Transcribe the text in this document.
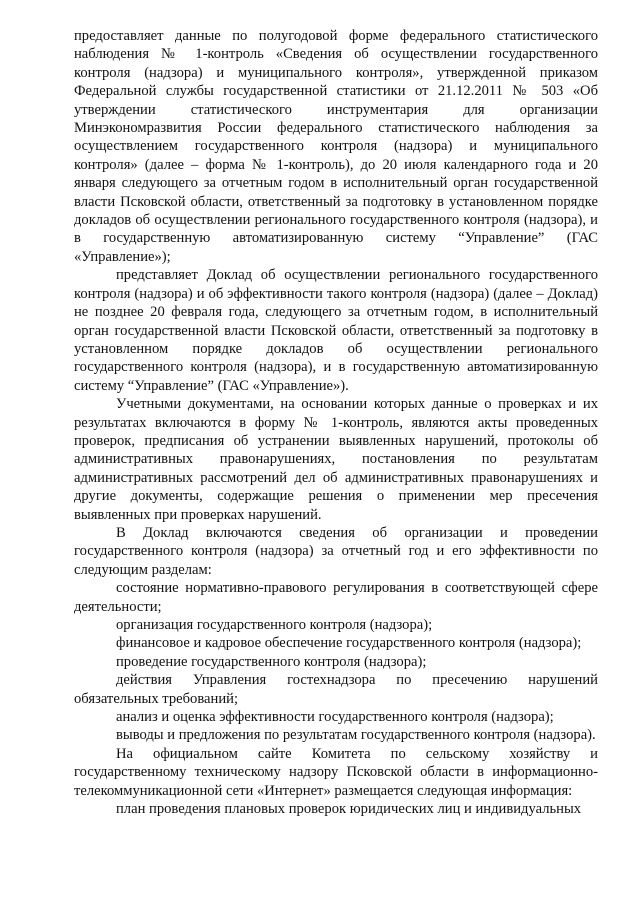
предоставляет данные по полугодовой форме федерального статистического наблюдения № 1-контроль «Сведения об осуществлении государственного контроля (надзора) и муниципального контроля», утвержденной приказом Федеральной службы государственной статистики от 21.12.2011 № 503 «Об утверждении статистического инструментария для организации Минэкономразвития России федерального статистического наблюдения за осуществлением государственного контроля (надзора) и муниципального контроля» (далее – форма № 1-контроль), до 20 июля календарного года и 20 января следующего за отчетным годом в исполнительный орган государственной власти Псковской области, ответственный за подготовку в установленном порядке докладов об осуществлении регионального государственного контроля (надзора), и в государственную автоматизированную систему “Управление” (ГАС «Управление»);

представляет Доклад об осуществлении регионального государственного контроля (надзора) и об эффективности такого контроля (надзора) (далее – Доклад) не позднее 20 февраля года, следующего за отчетным годом, в исполнительный орган государственной власти Псковской области, ответственный за подготовку в установленном порядке докладов об осуществлении регионального государственного контроля (надзора), и в государственную автоматизированную систему “Управление” (ГАС «Управление»).

Учетными документами, на основании которых данные о проверках и их результатах включаются в форму № 1-контроль, являются акты проведенных проверок, предписания об устранении выявленных нарушений, протоколы об административных правонарушениях, постановления по результатам административных рассмотрений дел об административных правонарушениях и другие документы, содержащие решения о применении мер пресечения выявленных при проверках нарушений.

В Доклад включаются сведения об организации и проведении государственного контроля (надзора) за отчетный год и его эффективности по следующим разделам:

состояние нормативно-правового регулирования в соответствующей сфере деятельности;

организация государственного контроля (надзора);

финансовое и кадровое обеспечение государственного контроля (надзора);

проведение государственного контроля (надзора);

действия Управления гостехнадзора по пресечению нарушений обязательных требований;

анализ и оценка эффективности государственного контроля (надзора);

выводы и предложения по результатам государственного контроля (надзора).

На официальном сайте Комитета по сельскому хозяйству и государственному техническому надзору Псковской области в информационно-телекоммуникационной сети «Интернет» размещается следующая информация:

план проведения плановых проверок юридических лиц и индивидуальных
